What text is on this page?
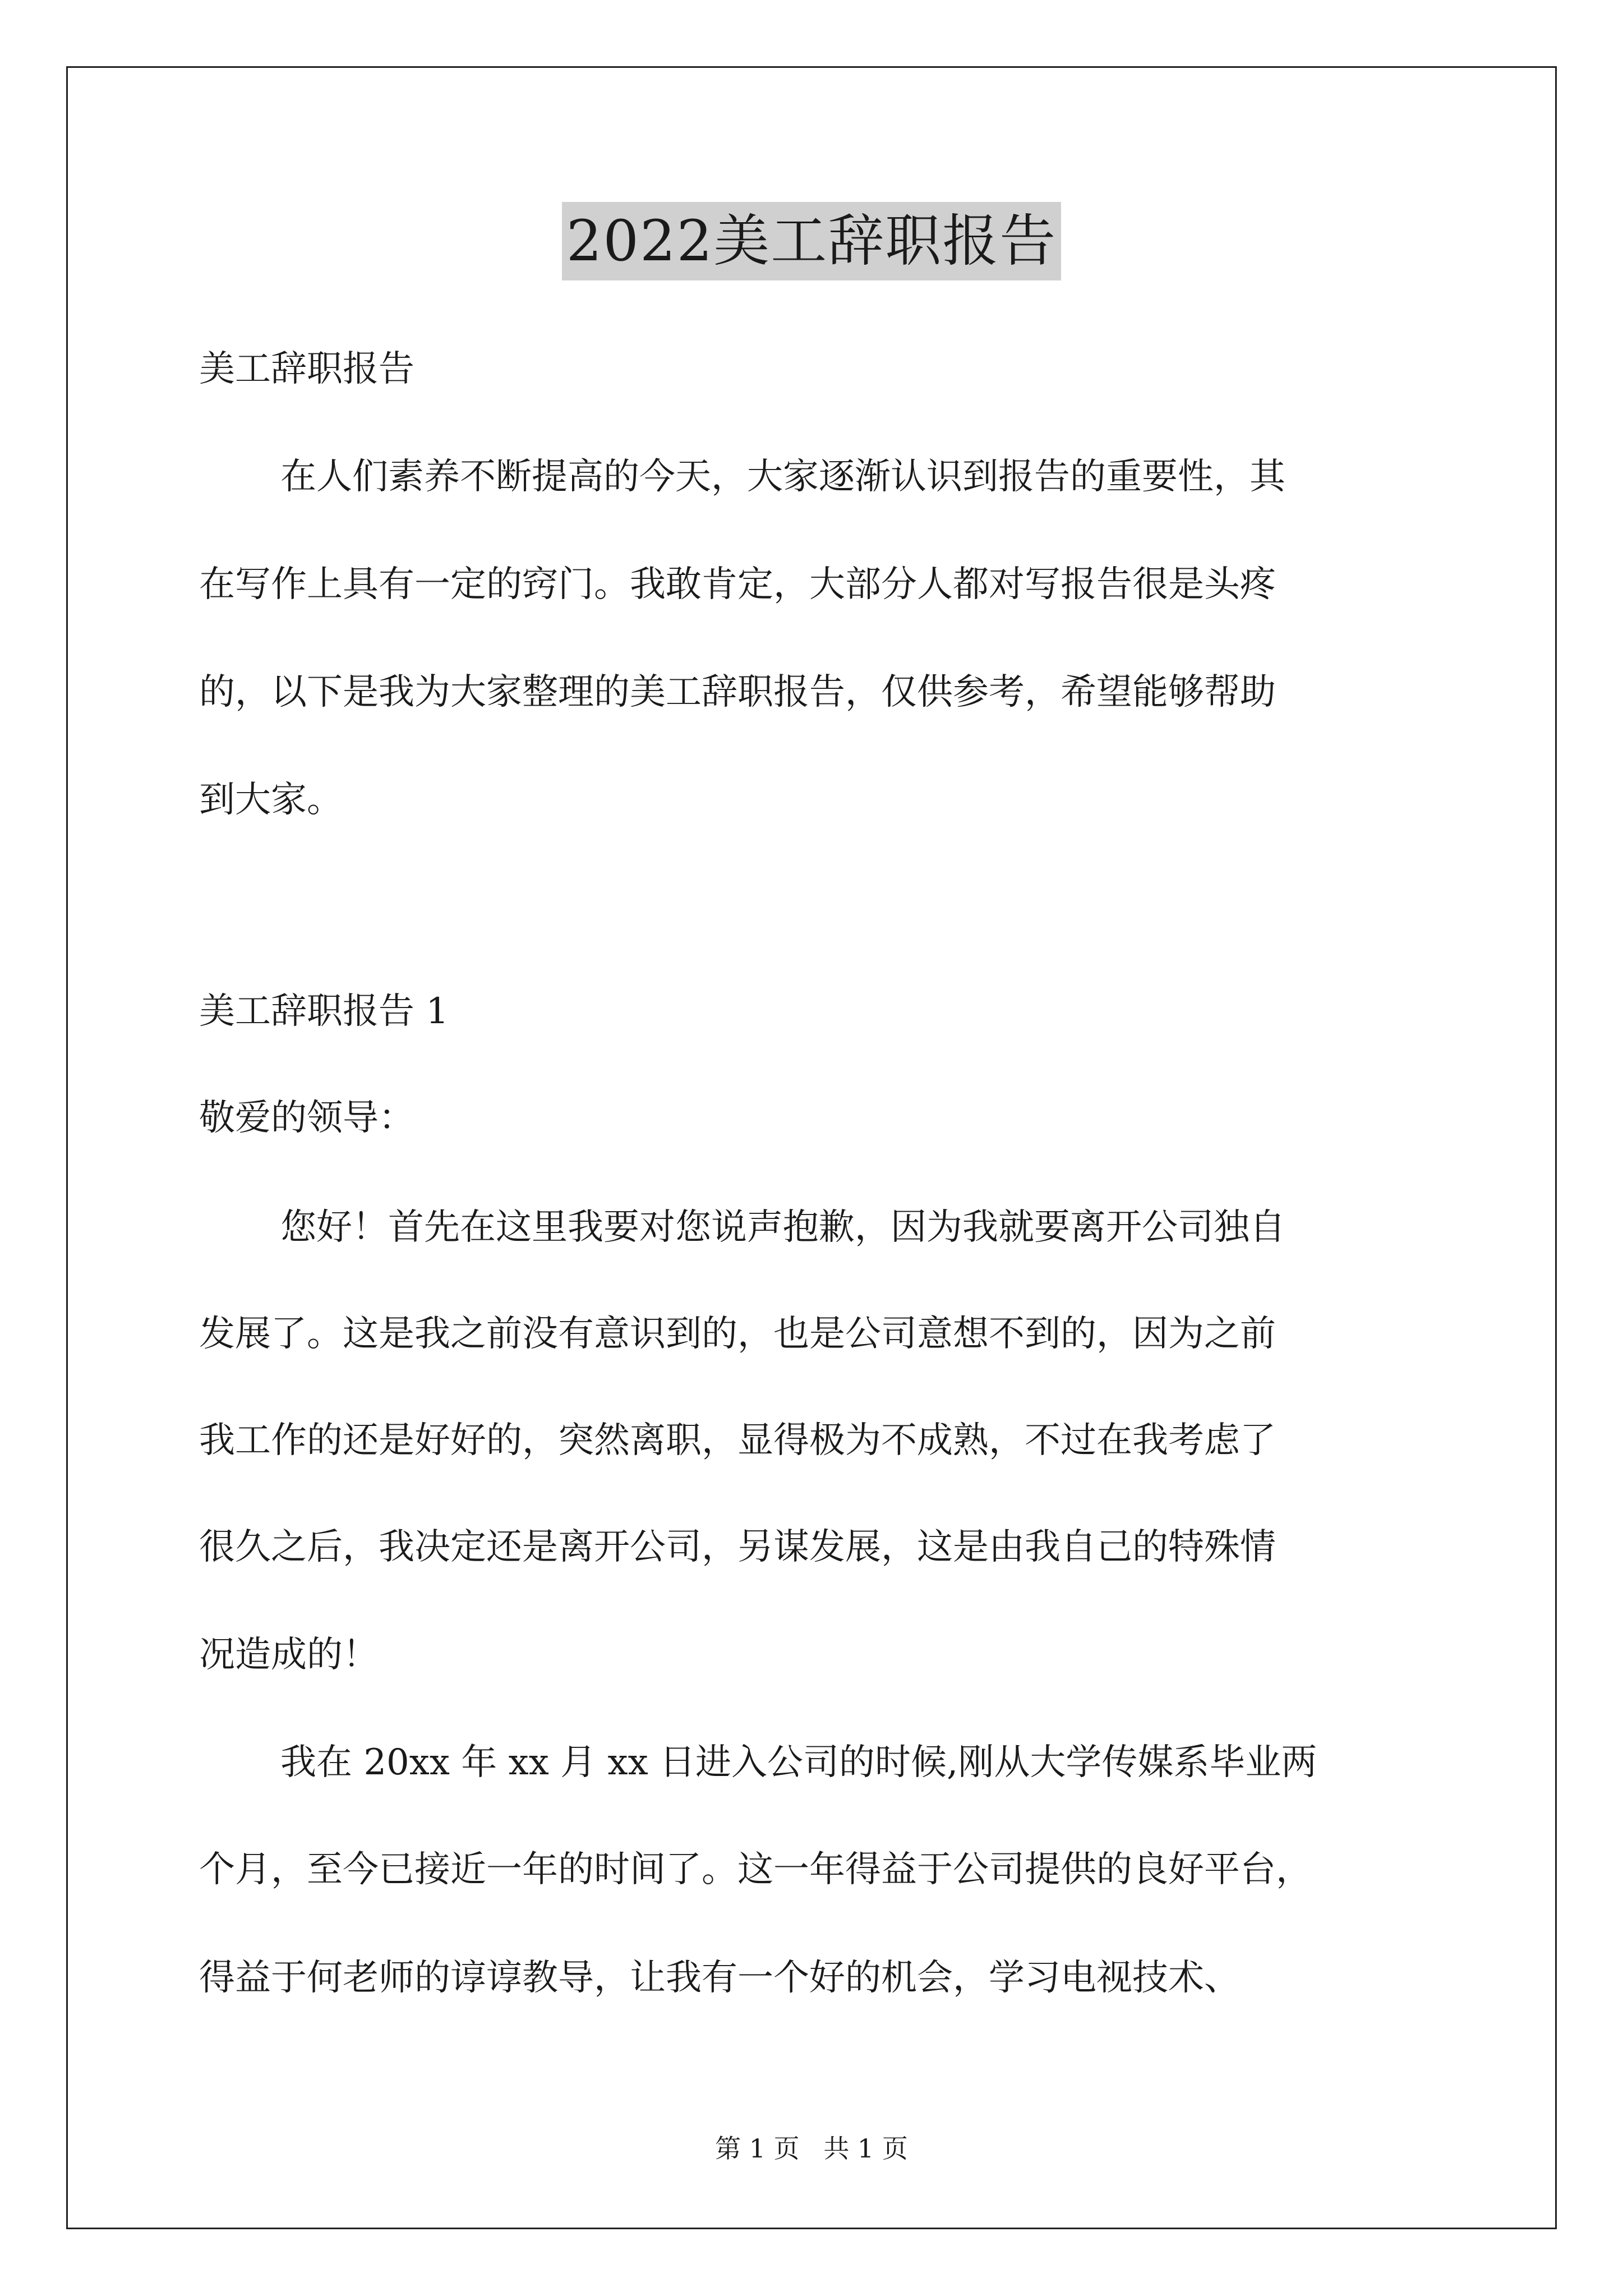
2022美工辞职报告
美工辞职报告
在人们素养不断提高的今天，大家逐渐认识到报告的重要性，其
在写作上具有一定的窍门。我敢肯定，大部分人都对写报告很是头疼
的，以下是我为大家整理的美工辞职报告，仅供参考，希望能够帮助
到大家。
美工辞职报告 1
敬爱的领导：
您好！首先在这里我要对您说声抱歉，因为我就要离开公司独自
发展了。这是我之前没有意识到的，也是公司意想不到的，因为之前
我工作的还是好好的，突然离职，显得极为不成熟，不过在我考虑了
很久之后，我决定还是离开公司，另谋发展，这是由我自己的特殊情
况造成的！
我在 20xx 年 xx 月 xx 日进入公司的时候,刚从大学传媒系毕业两
个月，至今已接近一年的时间了。这一年得益于公司提供的良好平台，
得益于何老师的谆谆教导，让我有一个好的机会，学习电视技术、
第 1 页 共 1 页
